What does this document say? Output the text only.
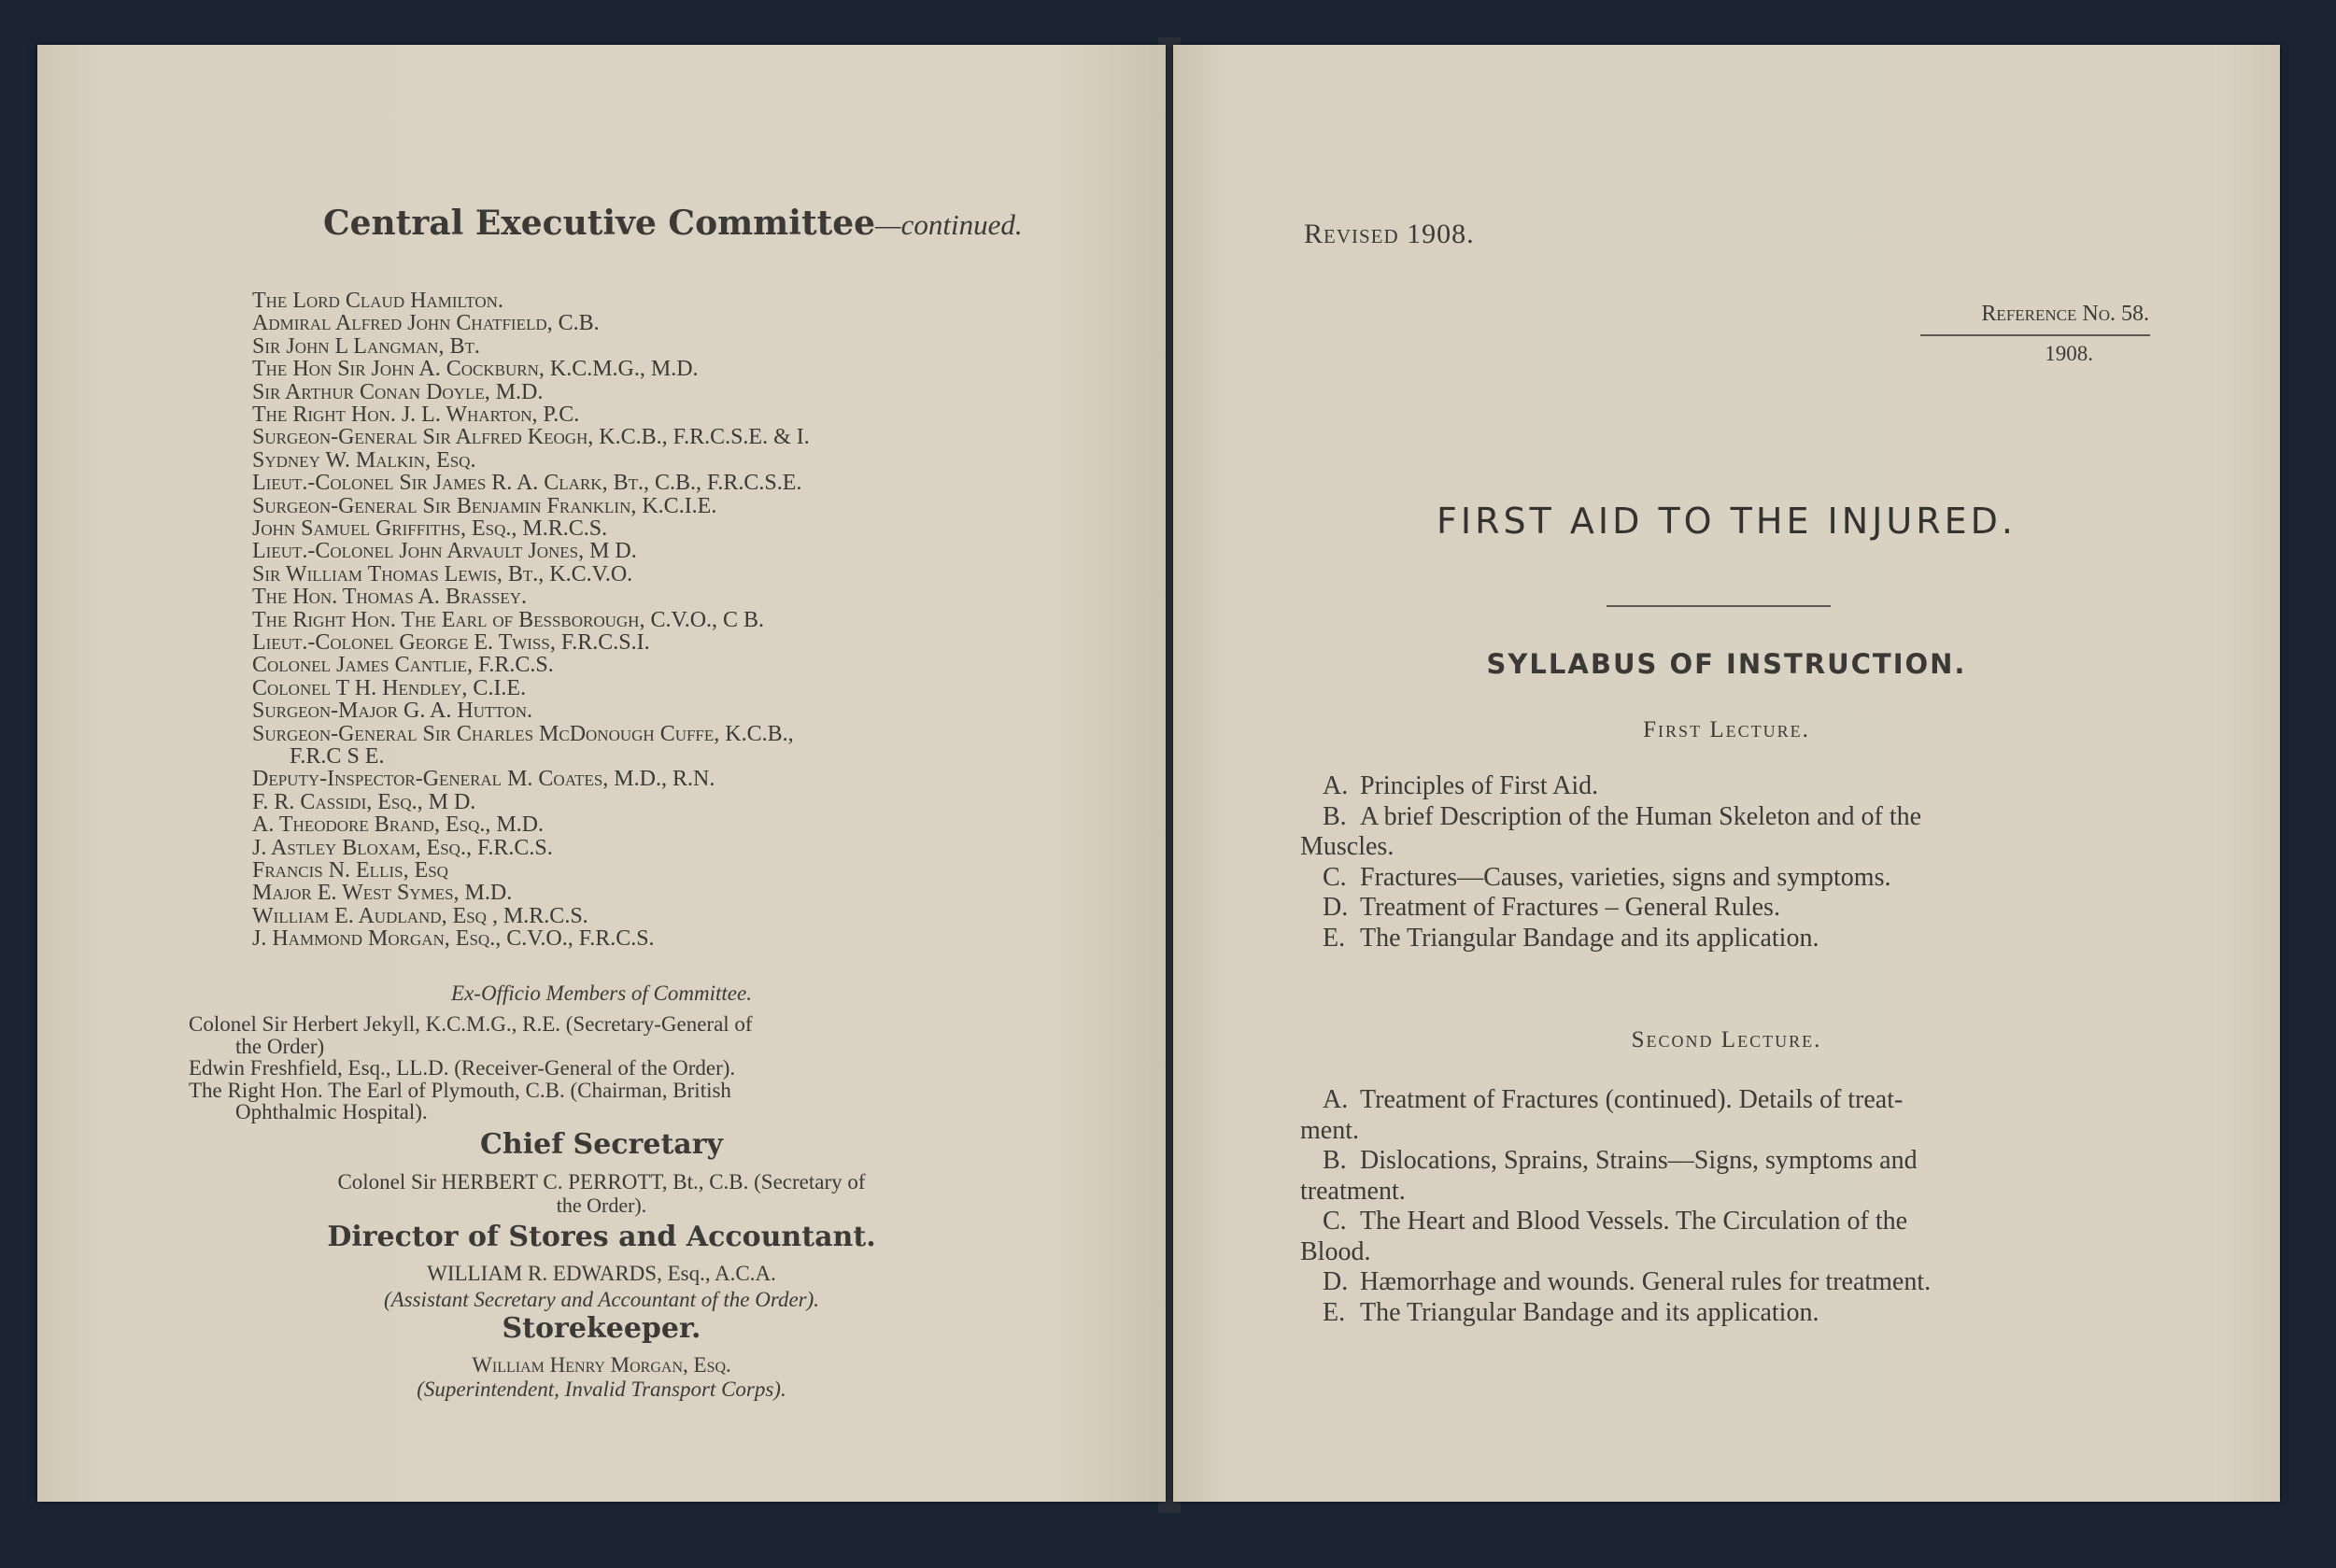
Central Executive Committee—continued.
The Lord Claud Hamilton.
Admiral Alfred John Chatfield, C.B.
Sir John L Langman, Bt.
The Hon Sir John A. Cockburn, K.C.M.G., M.D.
Sir Arthur Conan Doyle, M.D.
The Right Hon. J. L. Wharton, P.C.
Surgeon-General Sir Alfred Keogh, K.C.B., F.R.C.S.E. & I.
Sydney W. Malkin, Esq.
Lieut.-Colonel Sir James R. A. Clark, Bt., C.B., F.R.C.S.E.
Surgeon-General Sir Benjamin Franklin, K.C.I.E.
John Samuel Griffiths, Esq., M.R.C.S.
Lieut.-Colonel John Arvault Jones, M D.
Sir William Thomas Lewis, Bt., K.C.V.O.
The Hon. Thomas A. Brassey.
The Right Hon. The Earl of Bessborough, C.V.O., C B.
Lieut.-Colonel George E. Twiss, F.R.C.S.I.
Colonel James Cantlie, F.R.C.S.
Colonel T H. Hendley, C.I.E.
Surgeon-Major G. A. Hutton.
Surgeon-General Sir Charles McDonough Cuffe, K.C.B.,
F.R.C S E.
Deputy-Inspector-General M. Coates, M.D., R.N.
F. R. Cassidi, Esq., M D.
A. Theodore Brand, Esq., M.D.
J. Astley Bloxam, Esq., F.R.C.S.
Francis N. Ellis, Esq
Major E. West Symes, M.D.
William E. Audland, Esq , M.R.C.S.
J. Hammond Morgan, Esq., C.V.O., F.R.C.S.
Ex-Officio Members of Committee.
Colonel Sir Herbert Jekyll, K.C.M.G., R.E. (Secretary-General of
the Order)
Edwin Freshfield, Esq., LL.D. (Receiver-General of the Order).
The Right Hon. The Earl of Plymouth, C.B. (Chairman, British
Ophthalmic Hospital).
Chief Secretary
Colonel Sir HERBERT C. PERROTT, Bt., C.B. (Secretary of
the Order).
Director of Stores and Accountant.
WILLIAM R. EDWARDS, Esq., A.C.A.
(Assistant Secretary and Accountant of the Order).
Storekeeper.
William Henry Morgan, Esq.
(Superintendent, Invalid Transport Corps).
Revised 1908.
Reference No. 58.
1908.
FIRST AID TO THE INJURED.
SYLLABUS OF INSTRUCTION.
First Lecture.
A. Principles of First Aid.
B. A brief Description of the Human Skeleton and of the
Muscles.
C. Fractures—Causes, varieties, signs and symptoms.
D. Treatment of Fractures – General Rules.
E. The Triangular Bandage and its application.
Second Lecture.
A. Treatment of Fractures (continued). Details of treat-
ment.
B. Dislocations, Sprains, Strains—Signs, symptoms and
treatment.
C. The Heart and Blood Vessels. The Circulation of the
Blood.
D. Hæmorrhage and wounds. General rules for treatment.
E. The Triangular Bandage and its application.
